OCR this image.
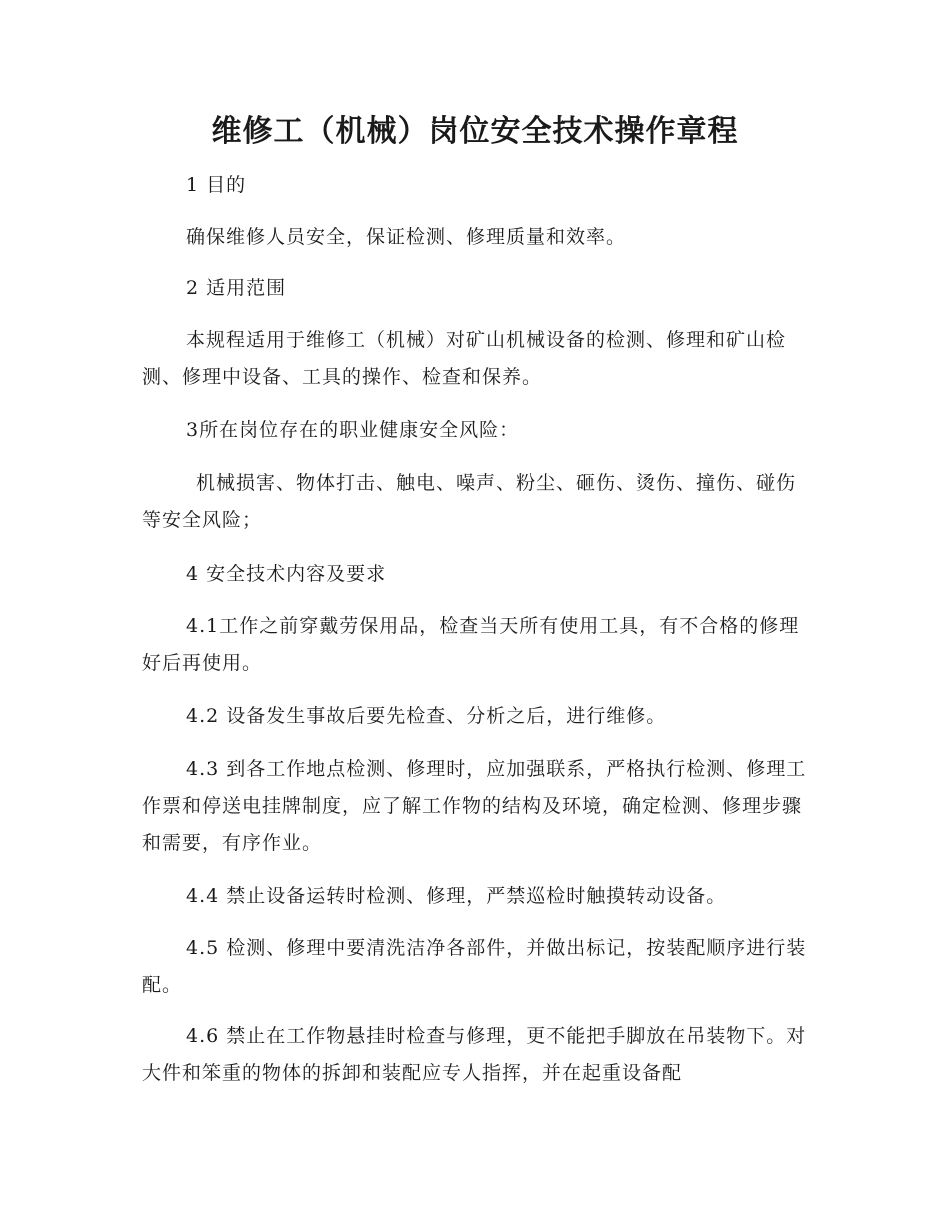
维修工（机械）岗位安全技术操作章程
1 目的
确保维修人员安全，保证检测、修理质量和效率。
2 适用范围
本规程适用于维修工（机械）对矿山机械设备的检测、修理和矿山检测、修理中设备、工具的操作、检查和保养。
3所在岗位存在的职业健康安全风险：
机械损害、物体打击、触电、噪声、粉尘、砸伤、烫伤、撞伤、碰伤等安全风险；
4 安全技术内容及要求
4.1工作之前穿戴劳保用品，检查当天所有使用工具，有不合格的修理好后再使用。
4.2 设备发生事故后要先检查、分析之后，进行维修。
4.3 到各工作地点检测、修理时，应加强联系，严格执行检测、修理工作票和停送电挂牌制度，应了解工作物的结构及环境，确定检测、修理步骤和需要，有序作业。
4.4 禁止设备运转时检测、修理，严禁巡检时触摸转动设备。
4.5 检测、修理中要清洗洁净各部件，并做出标记，按装配顺序进行装配。
4.6 禁止在工作物悬挂时检查与修理，更不能把手脚放在吊装物下。对大件和笨重的物体的拆卸和装配应专人指挥，并在起重设备配
